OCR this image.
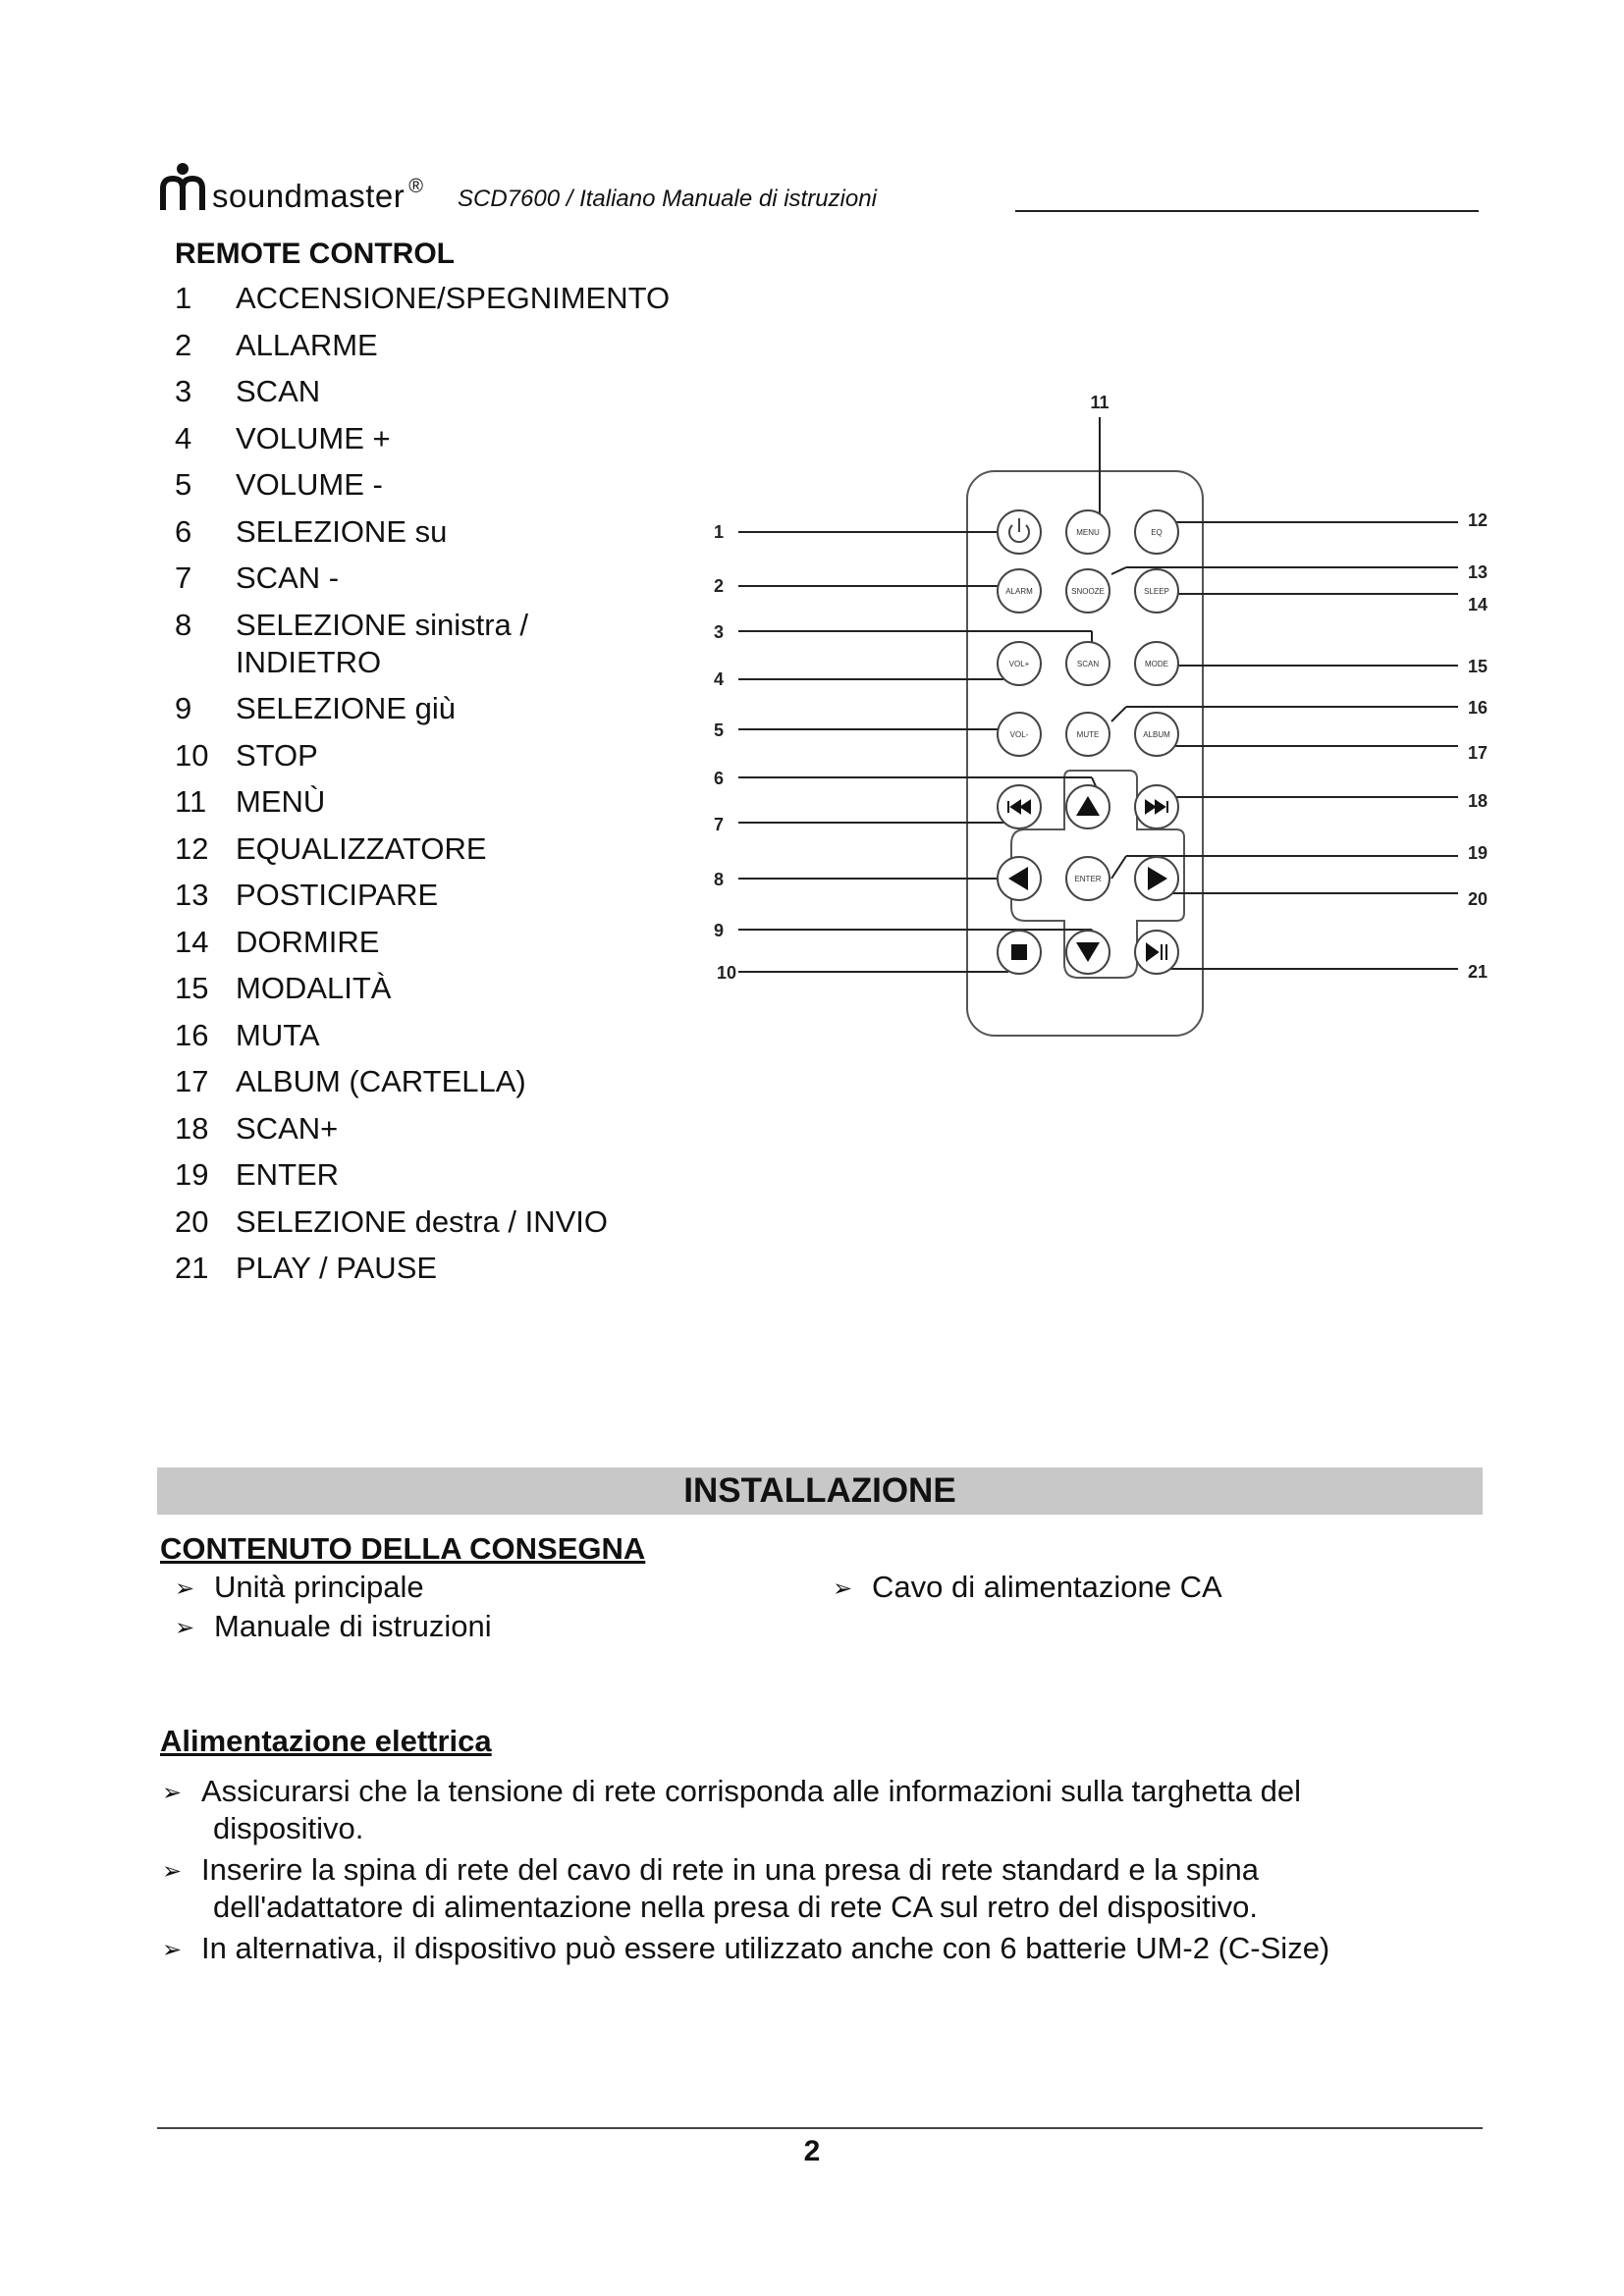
soundmaster ® SCD7600 / Italiano Manuale di istruzioni
REMOTE CONTROL
1	ACCENSIONE/SPEGNIMENTO
2	ALLARME
3	SCAN
4	VOLUME +
5	VOLUME -
6	SELEZIONE su
7	SCAN -
8	SELEZIONE sinistra /
INDIETRO
9	SELEZIONE giù
10 STOP
11 MENÙ
12 EQUALIZZATORE
13 POSTICIPARE
14 DORMIRE
15 MODALITÀ
16 MUTA
17 ALBUM (CARTELLA)
18 SCAN+
19 ENTER
20 SELEZIONE destra / INVIO
21 PLAY / PAUSE
MENU	EQ
ALARM	SNOOZE	SLEEP
VOL+	SCAN	MODE
VOL-	MUTE	ALBUM
ENTER
11
1
2
3
4
5
6
7
8
9
10
12
13
14
15
16
17
18
19
20
21
INSTALLAZIONE
CONTENUTO DELLA CONSEGNA
➢ Unità principale
➢ Manuale di istruzioni
➢ Cavo di alimentazione CA
Alimentazione elettrica
➢ Assicurarsi che la tensione di rete corrisponda alle informazioni sulla targhetta del
dispositivo.
➢ Inserire la spina di rete del cavo di rete in una presa di rete standard e la spina
dell'adattatore di alimentazione nella presa di rete CA sul retro del dispositivo.
➢ In alternativa, il dispositivo può essere utilizzato anche con 6 batterie UM-2 (C-Size)
2
